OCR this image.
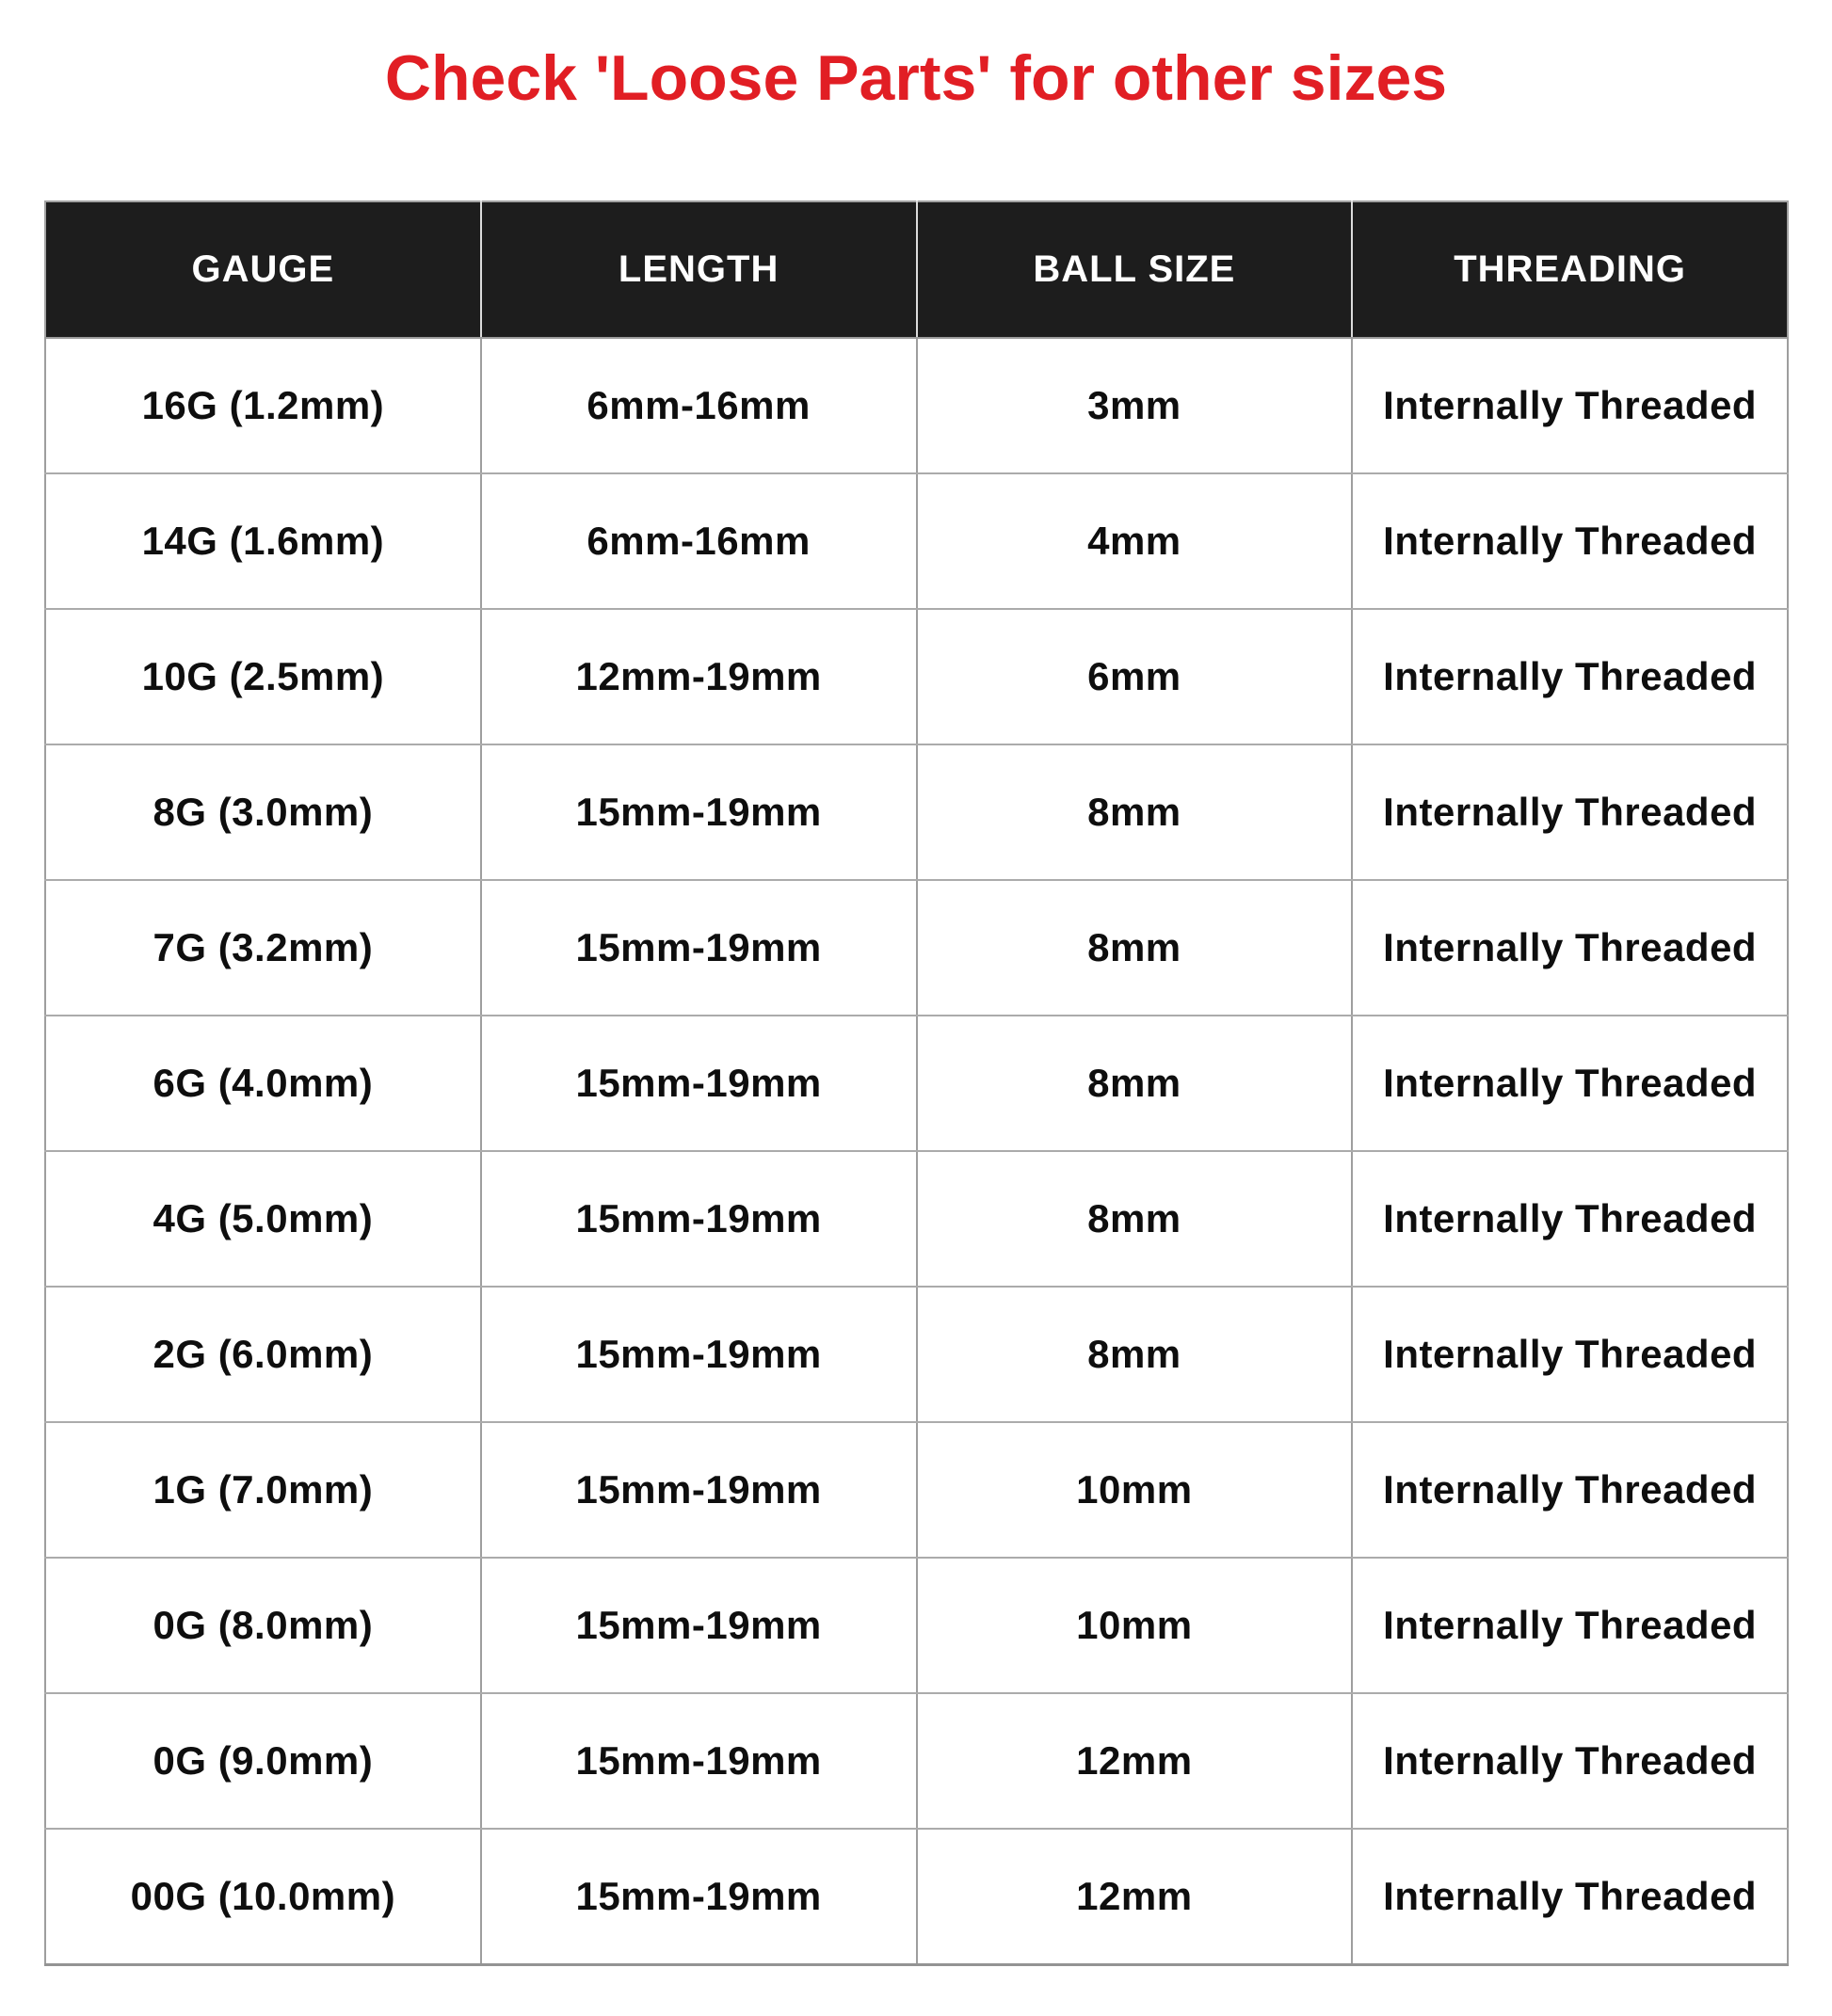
Check 'Loose Parts' for other sizes
GAUGE	LENGTH	BALL SIZE	THREADING
16G (1.2mm)	6mm-16mm	3mm	Internally Threaded
14G (1.6mm)	6mm-16mm	4mm	Internally Threaded
10G (2.5mm)	12mm-19mm	6mm	Internally Threaded
8G (3.0mm)	15mm-19mm	8mm	Internally Threaded
7G (3.2mm)	15mm-19mm	8mm	Internally Threaded
6G (4.0mm)	15mm-19mm	8mm	Internally Threaded
4G (5.0mm)	15mm-19mm	8mm	Internally Threaded
2G (6.0mm)	15mm-19mm	8mm	Internally Threaded
1G (7.0mm)	15mm-19mm	10mm	Internally Threaded
0G (8.0mm)	15mm-19mm	10mm	Internally Threaded
0G (9.0mm)	15mm-19mm	12mm	Internally Threaded
00G (10.0mm)	15mm-19mm	12mm	Internally Threaded
